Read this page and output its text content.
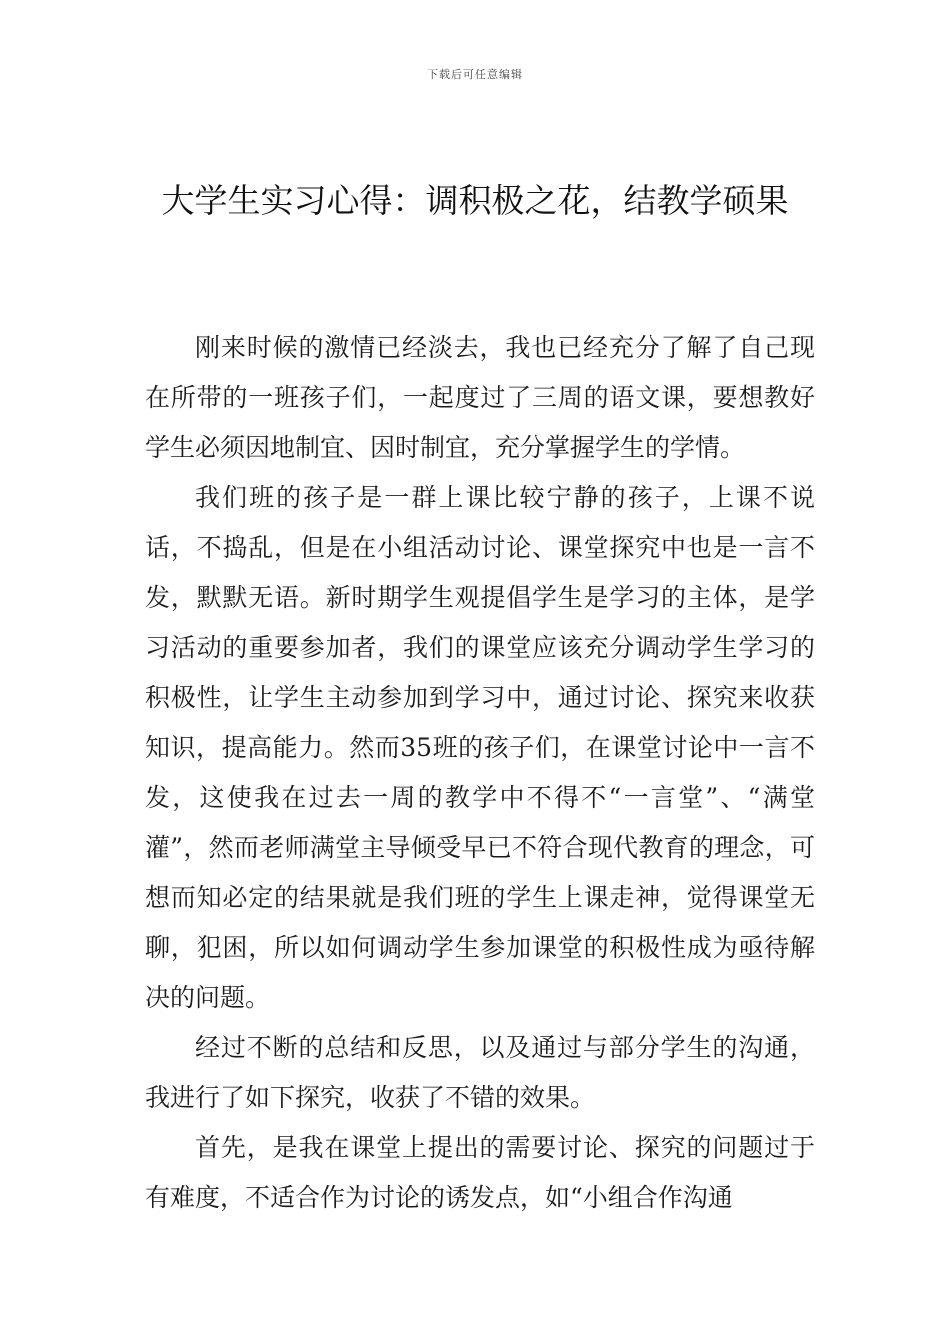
下载后可任意编辑
大学生实习心得：调积极之花，结教学硕果

刚来时候的激情已经淡去，我也已经充分了解了自己现在所带的一班孩子们，一起度过了三周的语文课，要想教好学生必须因地制宜、因时制宜，充分掌握学生的学情。

我们班的孩子是一群上课比较宁静的孩子，上课不说话，不捣乱，但是在小组活动讨论、课堂探究中也是一言不发，默默无语。新时期学生观提倡学生是学习的主体，是学习活动的重要参加者，我们的课堂应该充分调动学生学习的积极性，让学生主动参加到学习中，通过讨论、探究来收获知识，提高能力。然而35班的孩子们，在课堂讨论中一言不发，这使我在过去一周的教学中不得不“一言堂”、“满堂灌”，然而老师满堂主导倾受早已不符合现代教育的理念，可想而知必定的结果就是我们班的学生上课走神，觉得课堂无聊，犯困，所以如何调动学生参加课堂的积极性成为亟待解决的问题。

经过不断的总结和反思，以及通过与部分学生的沟通，我进行了如下探究，收获了不错的效果。

首先，是我在课堂上提出的需要讨论、探究的问题过于有难度，不适合作为讨论的诱发点，如“小组合作沟通
